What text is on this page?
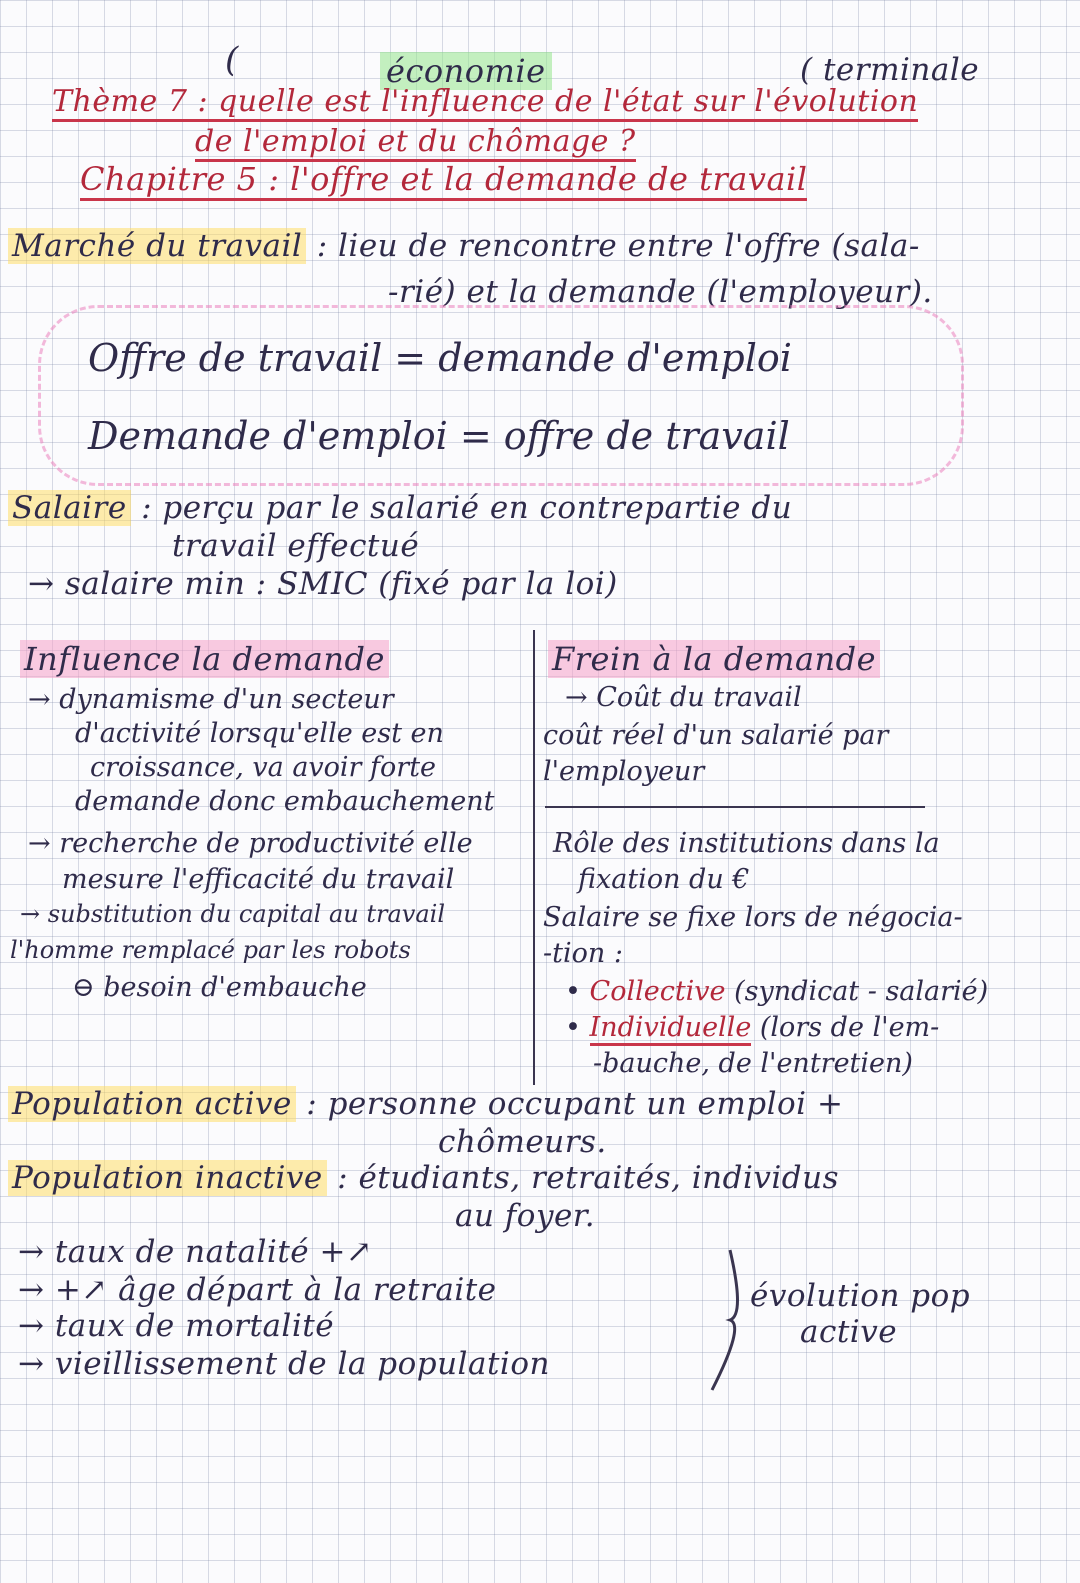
(	économie	( terminale
Thème 7 : quelle est l'influence de l'état sur l'évolution
de l'emploi et du chômage ?
Chapitre 5 : l'offre et la demande de travail
Marché du travail : lieu de rencontre entre l'offre (sala-
-rié) et la demande (l'employeur).
Offre de travail = demande d'emploi
Demande d'emploi = offre de travail
Salaire : perçu par le salarié en contrepartie du
travail effectué
→ salaire min : SMIC (fixé par la loi)
Influence la demande
→ dynamisme d'un secteur
d'activité lorsqu'elle est en
croissance, va avoir forte
demande donc embauchement
→ recherche de productivité elle
mesure l'efficacité du travail
→ substitution du capital au travail
l'homme remplacé par les robots
⊖ besoin d'embauche
Frein à la demande
→ Coût du travail
coût réel d'un salarié par
l'employeur
Rôle des institutions dans la
fixation du €
Salaire se fixe lors de négocia-
-tion :
• Collective (syndicat - salarié)
• Individuelle (lors de l'em-
-bauche, de l'entretien)
Population active : personne occupant un emploi +
chômeurs.
Population inactive : étudiants, retraités, individus
au foyer.
→ taux de natalité +↗
→ +↗ âge départ à la retraite
→ taux de mortalité
→ vieillissement de la population
évolution pop
active
